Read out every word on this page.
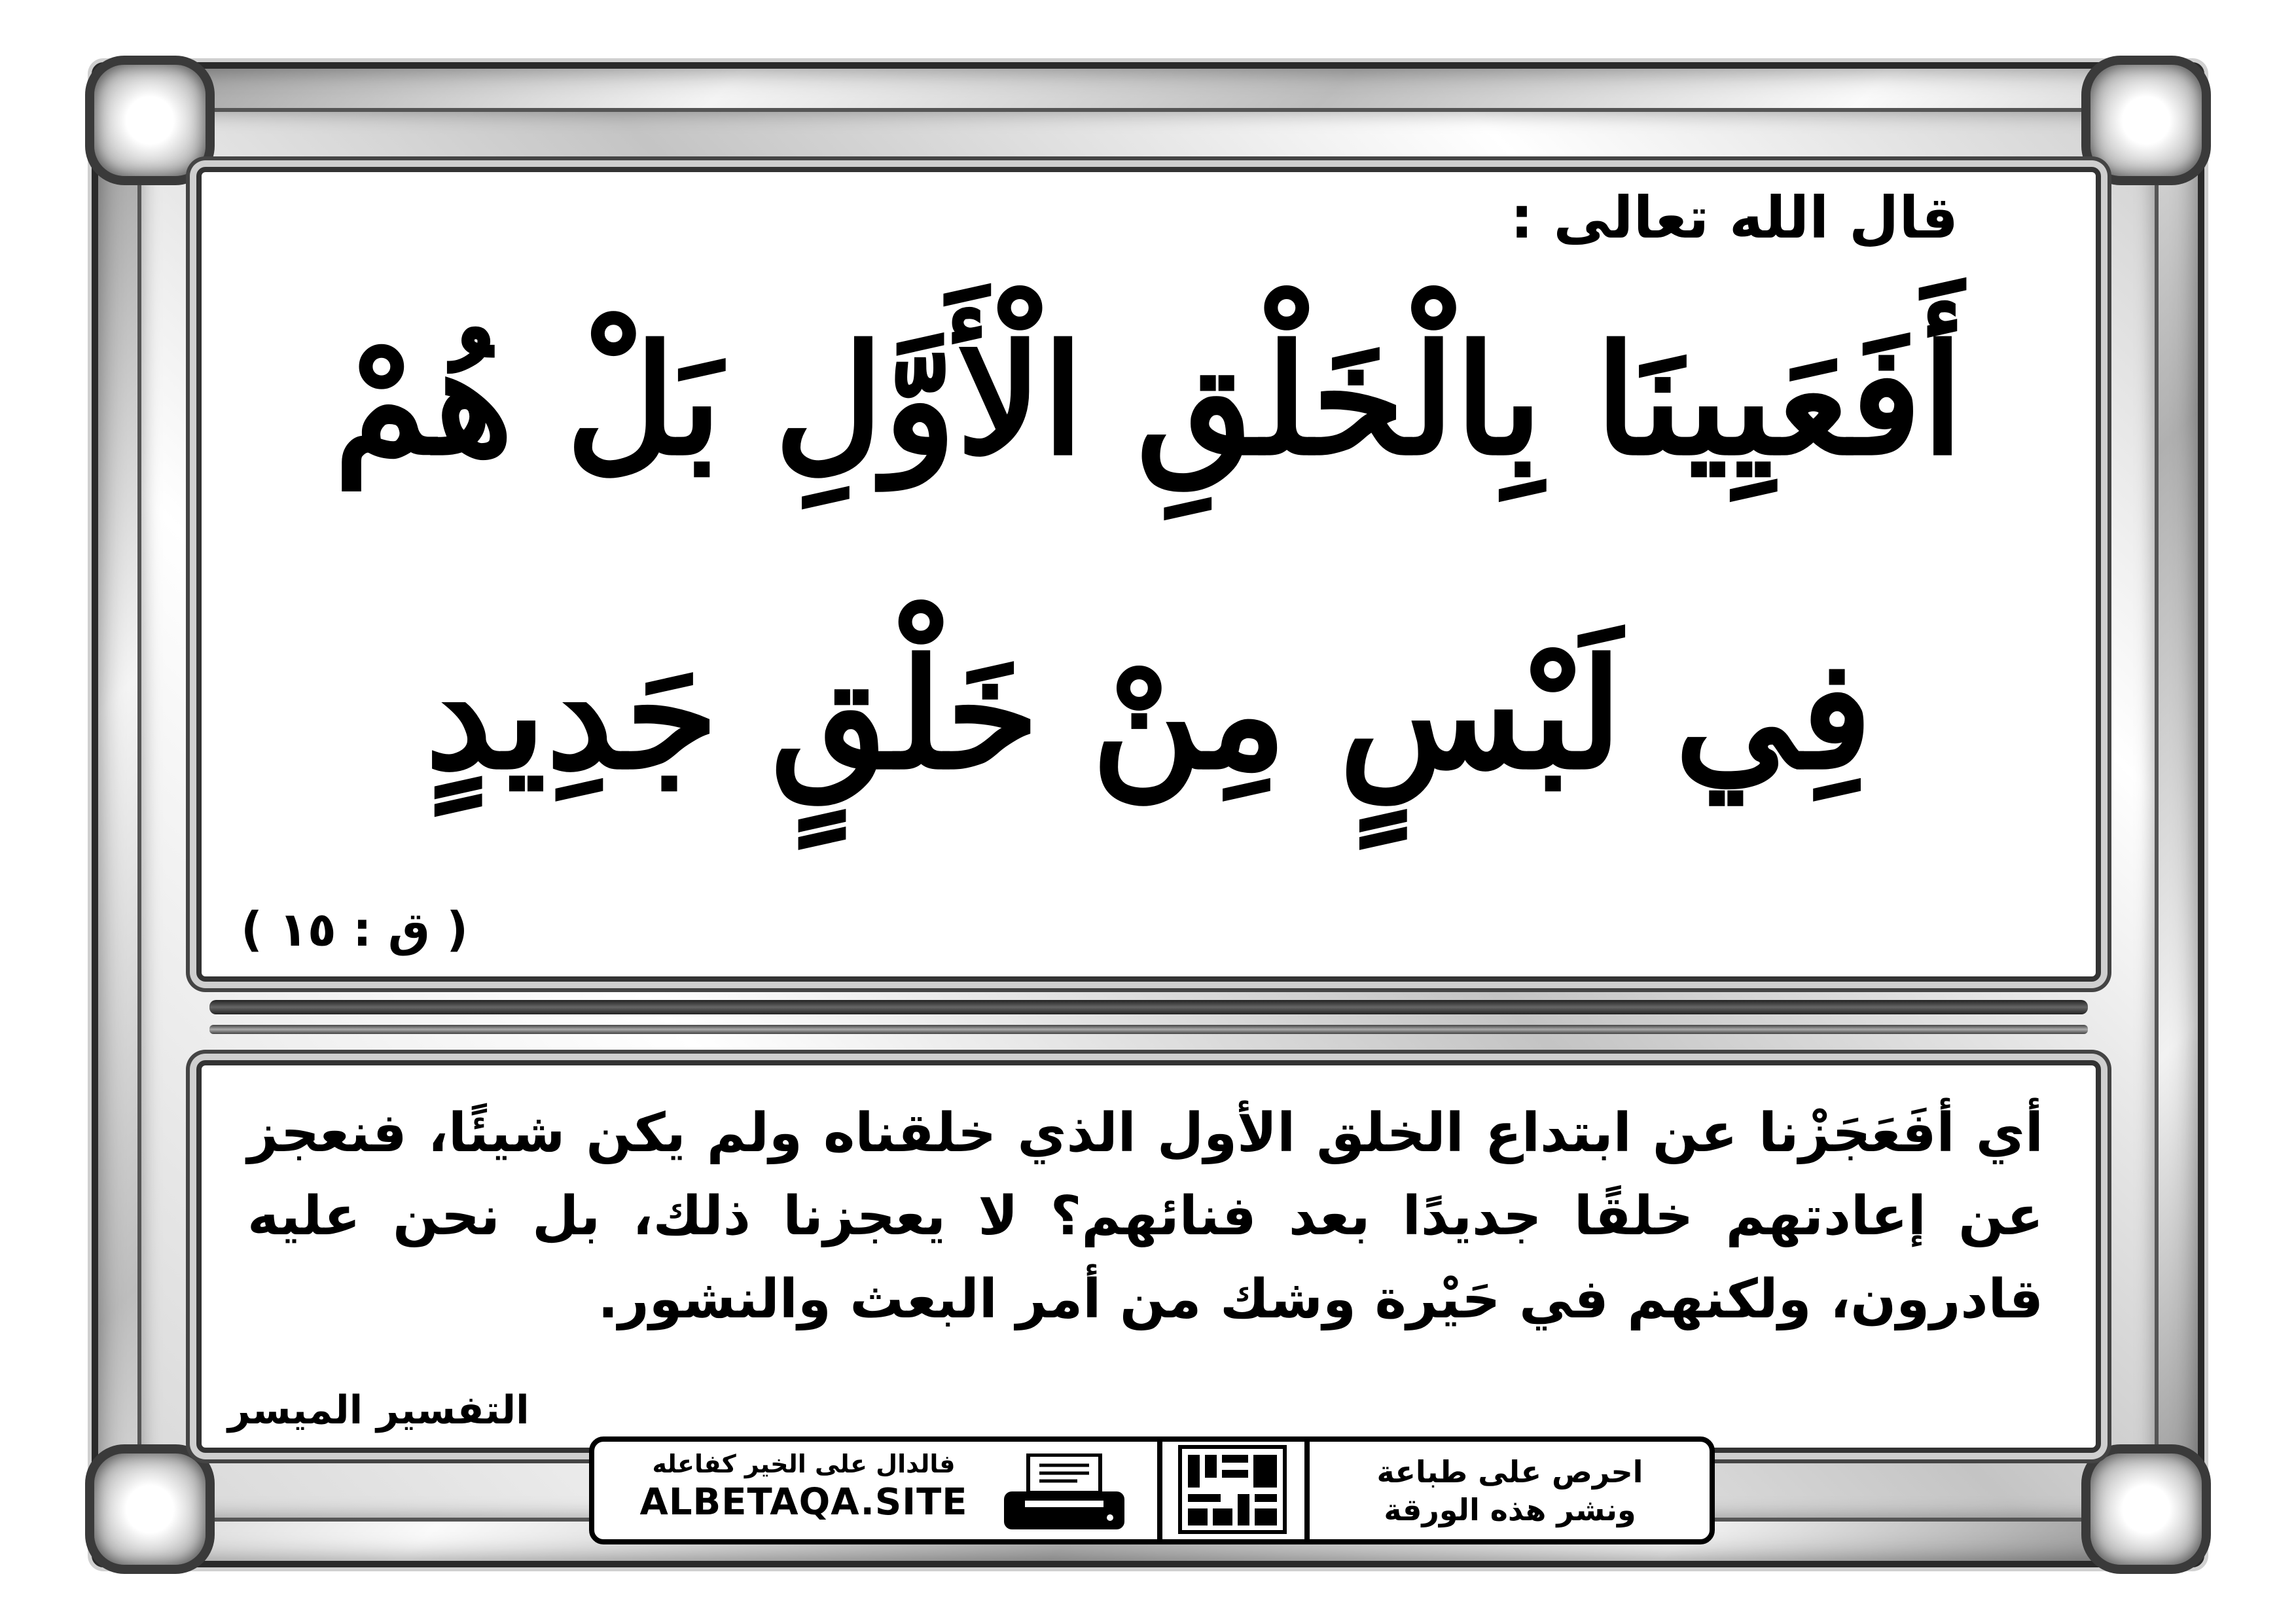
قال الله تعالى :
أَفَعَيِينَا بِالْخَلْقِ الْأَوَّلِ بَلْ هُمْ
فِي لَبْسٍ مِنْ خَلْقٍ جَدِيدٍ
( ق : ١٥ )
أي أفَعَجَزْنا عن ابتداع الخلق الأول الذي خلقناه ولم يكن شيئًا، فنعجز عن إعادتهم خلقًا جديدًا بعد فنائهم؟ لا يعجزنا ذلك، بل نحن عليه قادرون، ولكنهم في حَيْرة وشك من أمر البعث والنشور.
التفسير الميسر
فالدال على الخير كفاعله
ALBETAQA.SITE
احرص على طباعة
ونشر هذه الورقة
